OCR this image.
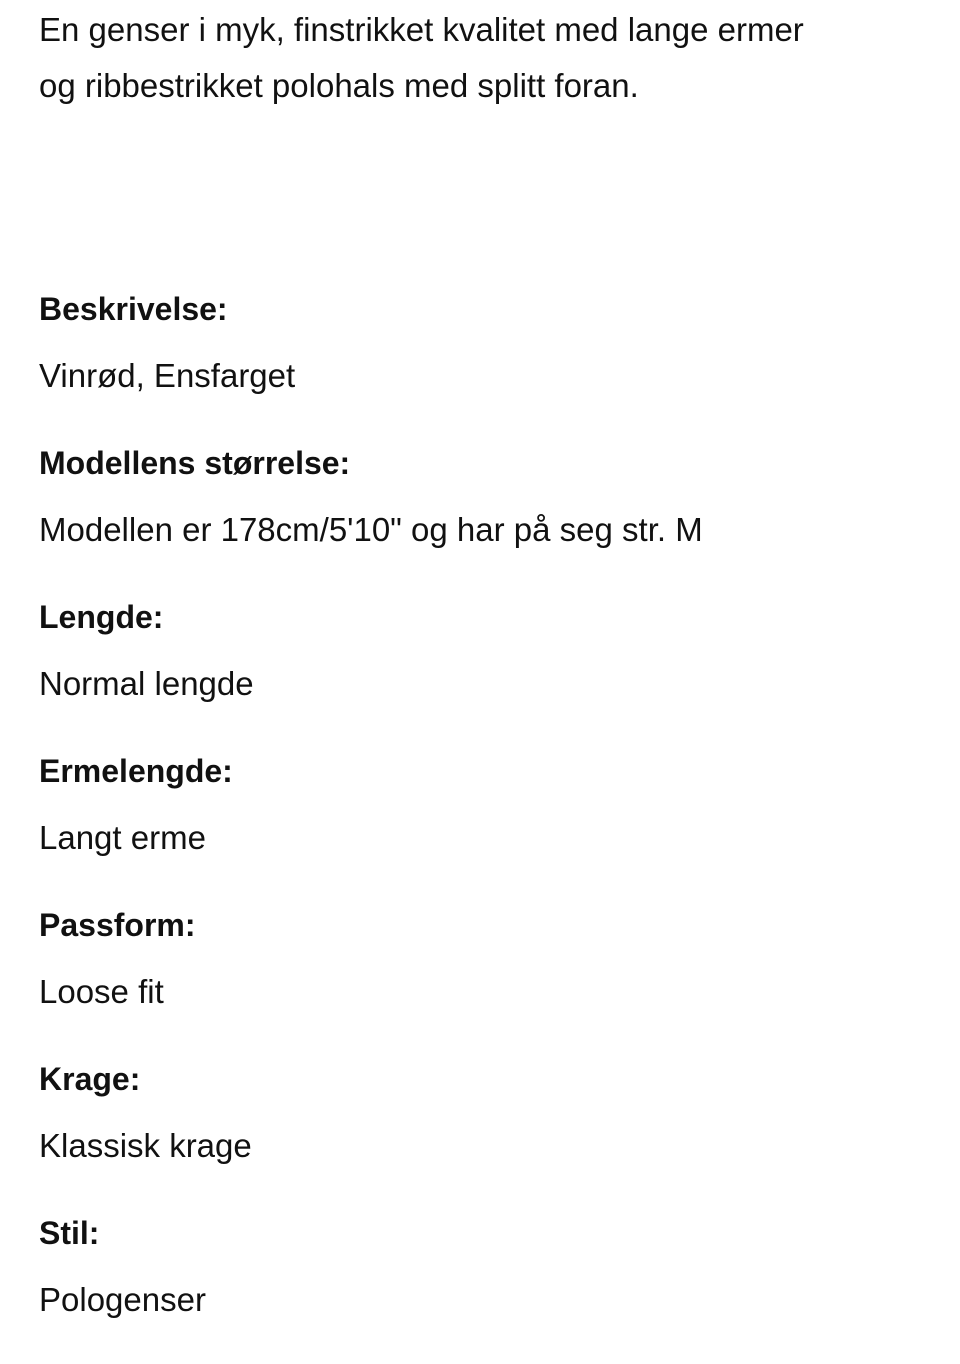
En genser i myk, finstrikket kvalitet med lange ermer
og ribbestrikket polohals med splitt foran.

Beskrivelse:
Vinrød, Ensfarget
Modellens størrelse:
Modellen er 178cm/5'10" og har på seg str. M
Lengde:
Normal lengde
Ermelengde:
Langt erme
Passform:
Loose fit
Krage:
Klassisk krage
Stil:
Pologenser
